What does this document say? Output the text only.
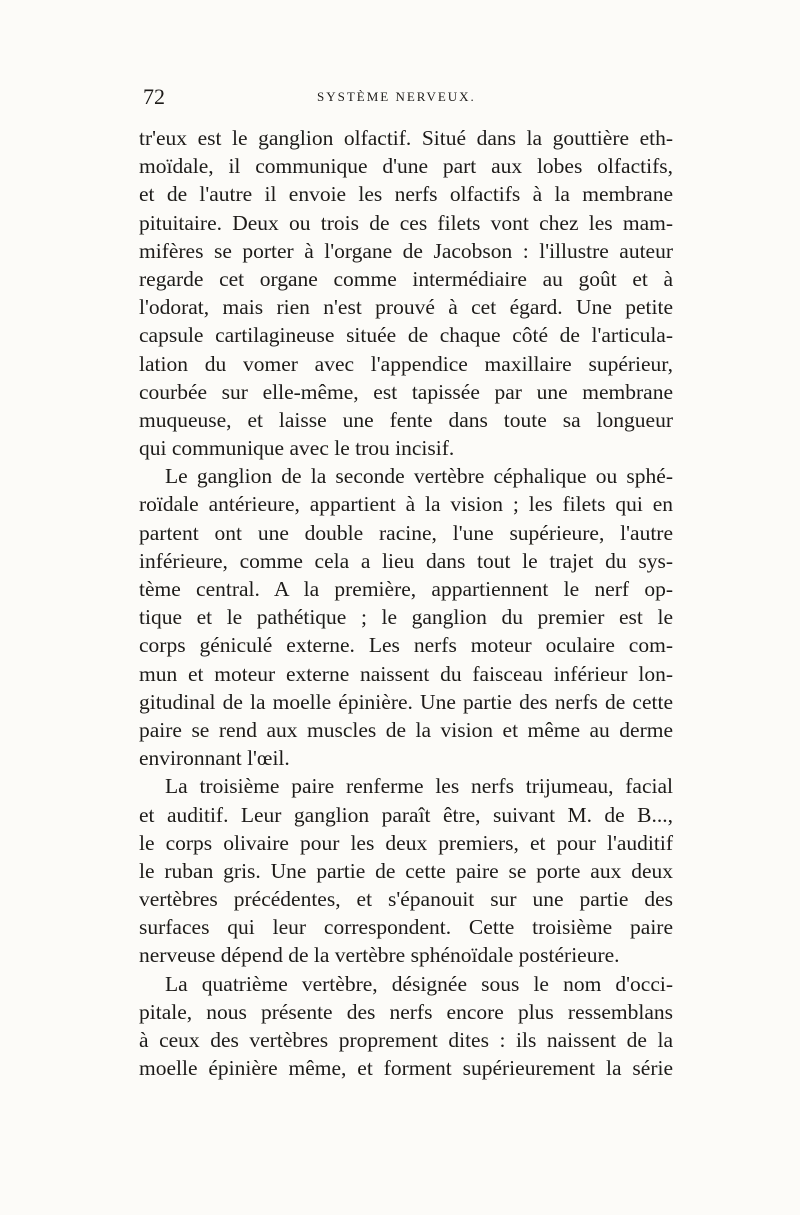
72	SYSTÈME NERVEUX.
tr'eux est le ganglion olfactif. Situé dans la gouttière eth-
moïdale, il communique d'une part aux lobes olfactifs,
et de l'autre il envoie les nerfs olfactifs à la membrane
pituitaire. Deux ou trois de ces filets vont chez les mam-
mifères se porter à l'organe de Jacobson : l'illustre auteur
regarde cet organe comme intermédiaire au goût et à
l'odorat, mais rien n'est prouvé à cet égard. Une petite
capsule cartilagineuse située de chaque côté de l'articula-
lation du vomer avec l'appendice maxillaire supérieur,
courbée sur elle-même, est tapissée par une membrane
muqueuse, et laisse une fente dans toute sa longueur
qui communique avec le trou incisif.
Le ganglion de la seconde vertèbre céphalique ou sphé-
roïdale antérieure, appartient à la vision ; les filets qui en
partent ont une double racine, l'une supérieure, l'autre
inférieure, comme cela a lieu dans tout le trajet du sys-
tème central. A la première, appartiennent le nerf op-
tique et le pathétique ; le ganglion du premier est le
corps géniculé externe. Les nerfs moteur oculaire com-
mun et moteur externe naissent du faisceau inférieur lon-
gitudinal de la moelle épinière. Une partie des nerfs de cette
paire se rend aux muscles de la vision et même au derme
environnant l'œil.
La troisième paire renferme les nerfs trijumeau, facial
et auditif. Leur ganglion paraît être, suivant M. de B...,
le corps olivaire pour les deux premiers, et pour l'auditif
le ruban gris. Une partie de cette paire se porte aux deux
vertèbres précédentes, et s'épanouit sur une partie des
surfaces qui leur correspondent. Cette troisième paire
nerveuse dépend de la vertèbre sphénoïdale postérieure.
La quatrième vertèbre, désignée sous le nom d'occi-
pitale, nous présente des nerfs encore plus ressemblans
à ceux des vertèbres proprement dites : ils naissent de la
moelle épinière même, et forment supérieurement la série
